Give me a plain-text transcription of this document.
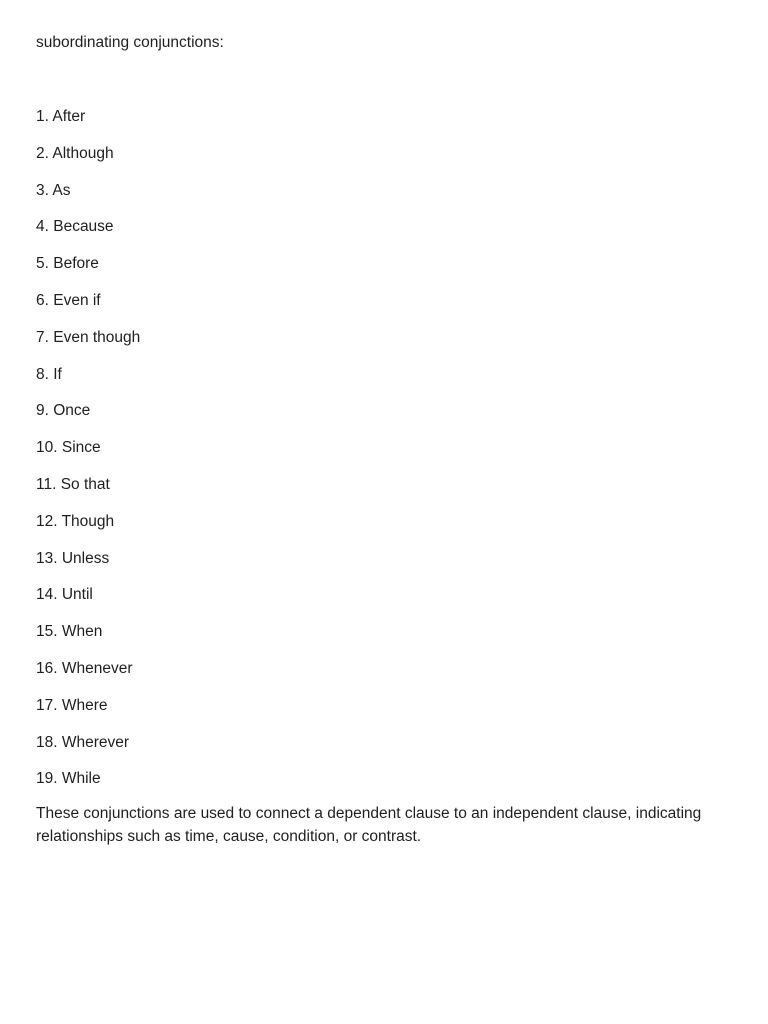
subordinating conjunctions:

1. After
2. Although
3. As
4. Because
5. Before
6. Even if
7. Even though
8. If
9. Once
10. Since
11. So that
12. Though
13. Unless
14. Until
15. When
16. Whenever
17. Where
18. Wherever
19. While

These conjunctions are used to connect a dependent clause to an independent clause, indicating relationships such as time, cause, condition, or contrast.
